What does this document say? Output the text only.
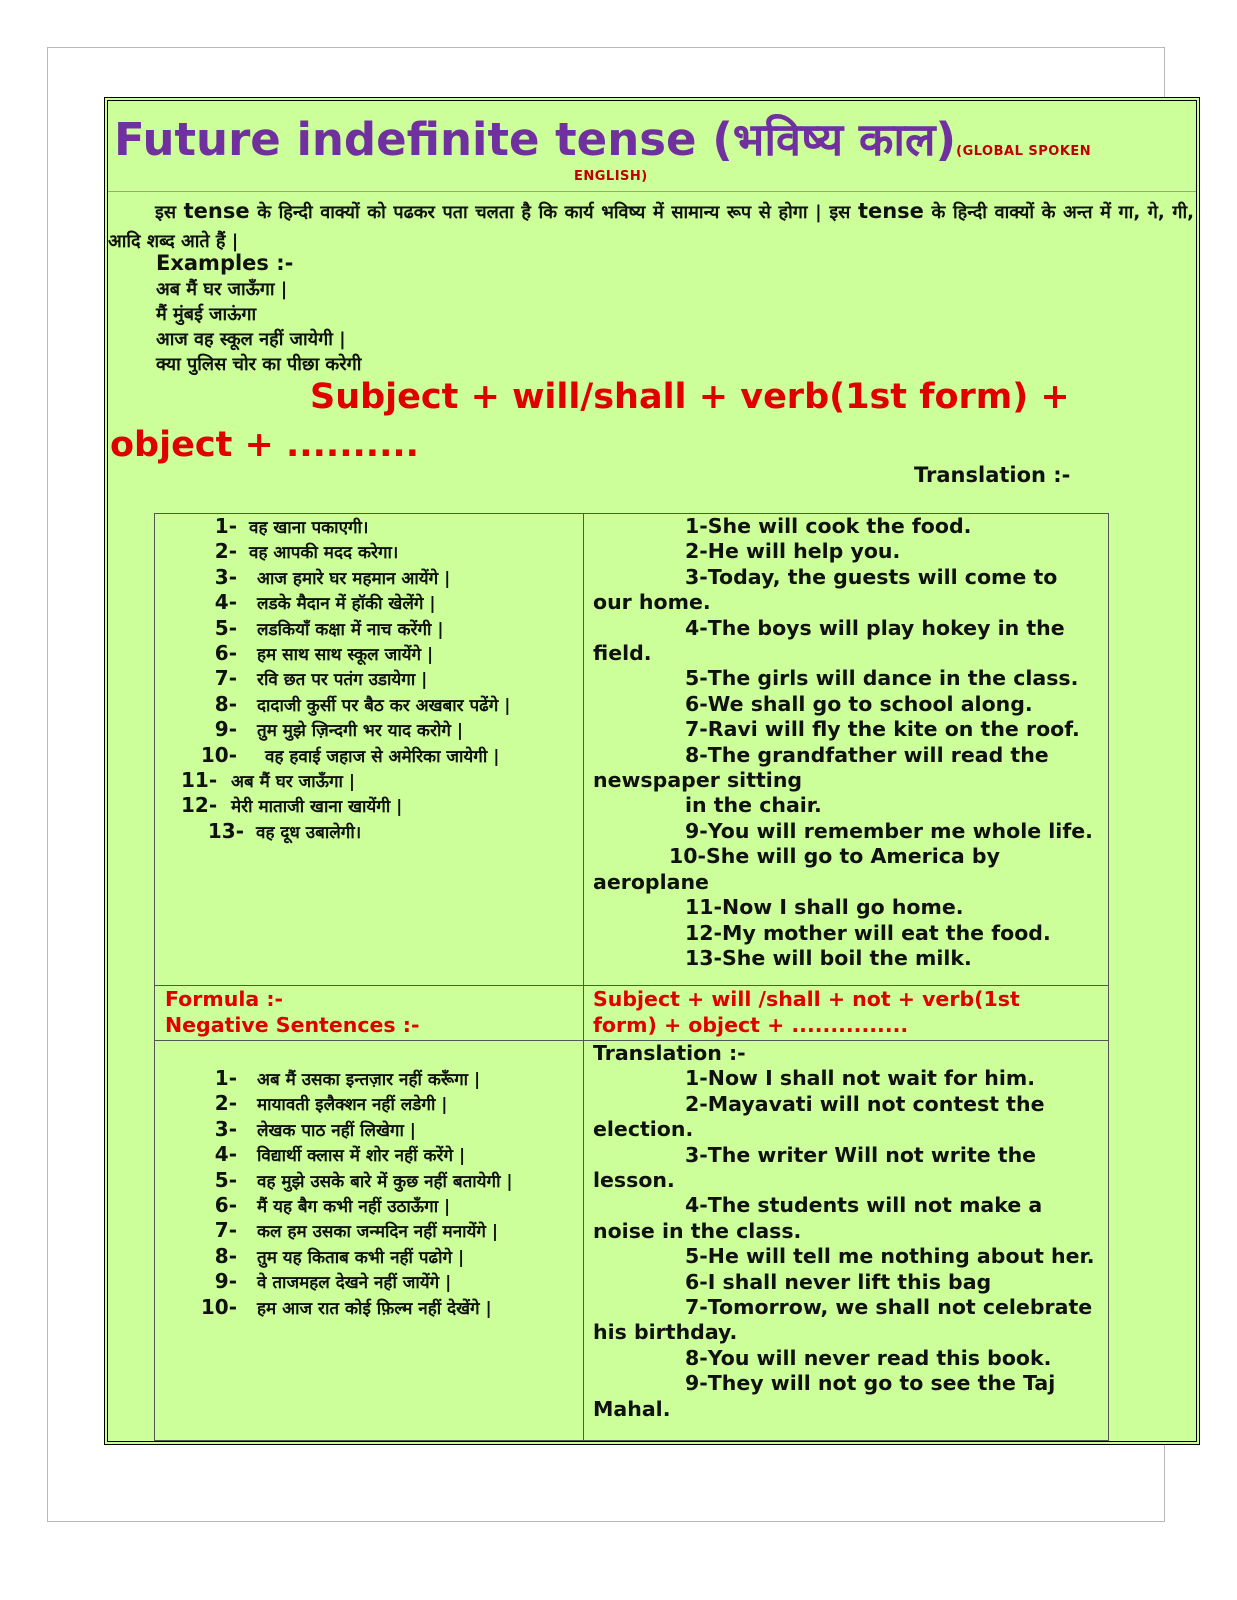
Future indefinite tense (भविष्य काल)(GLOBAL SPOKEN
ENGLISH)
इस tense के हिन्दी वाक्यों को पढकर पता चलता है कि कार्य भविष्य में सामान्य रूप से होगा | इस tense के हिन्दी वाक्यों के अन्त में गा, गे, गी, आदि शब्द आते हैं |
Examples :-
अब मैं घर जाऊँगा |
मैं मुंबई जाऊंगा
आज वह स्कूल नहीं जायेगी |
क्या पुलिस चोर का पीछा करेगी
Subject + will/shall + verb(1st form) + object + ..........
Translation :-
1- वह खाना पकाएगी।
2- वह आपकी मदद करेगा।
3- आज हमारे घर महमान आयेंगे |
4- लडके मैदान में हॉकी खेलेंगे |
5- लडकियाँ कक्षा में नाच करेंगी |
6- हम साथ साथ स्कूल जायेंगे |
7- रवि छत पर पतंग उडायेगा |
8- दादाजी कुर्सी पर बैठ कर अखबार पढेंगे |
9- तुम मुझे ज़िन्दगी भर याद करोगे |
10- वह हवाई जहाज से अमेरिका जायेगी |
11- अब मैं घर जाऊँगा |
12- मेरी माताजी खाना खायेंगी |
13- वह दूध उबालेगी।

1-She will cook the food.

2-He will help you.

3-Today, the guests will come to our home.

4-The boys will play hokey in the field.

5-The girls will dance in the class.

6-We shall go to school along.

7-Ravi will fly the kite on the roof.

8-The grandfather will read the newspaper sitting

in the chair.

9-You will remember me whole life.

10-She will go to America by aeroplane

11-Now I shall go home.

12-My mother will eat the food.

13-She will boil the milk.

Formula :-
Negative Sentences :-
Subject + will /shall + not + verb(1st form) + object + ...............
1- अब मैं उसका इन्तज़ार नहीं करूँगा |
2- मायावती इलैक्शन नहीं लडेगी |
3- लेखक पाठ नहीं लिखेगा |
4- विद्यार्थी क्लास में शोर नहीं करेंगे |
5- वह मुझे उसके बारे में कुछ नहीं बतायेगी |
6- मैं यह बैग कभी नहीं उठाऊँगा |
7- कल हम उसका जन्मदिन नहीं मनायेंगे |
8- तुम यह किताब कभी नहीं पढोगे |
9- वे ताजमहल देखने नहीं जायेंगे |
10- हम आज रात कोई फ़िल्म नहीं देखेंगे |

Translation :-

1-Now I shall not wait for him.

2-Mayavati will not contest the election.

3-The writer Will not write the lesson.

4-The students will not make a noise in the class.

5-He will tell me nothing about her.

6-I shall never lift this bag

7-Tomorrow, we shall not celebrate his birthday.

8-You will never read this book.

9-They will not go to see the Taj Mahal.
